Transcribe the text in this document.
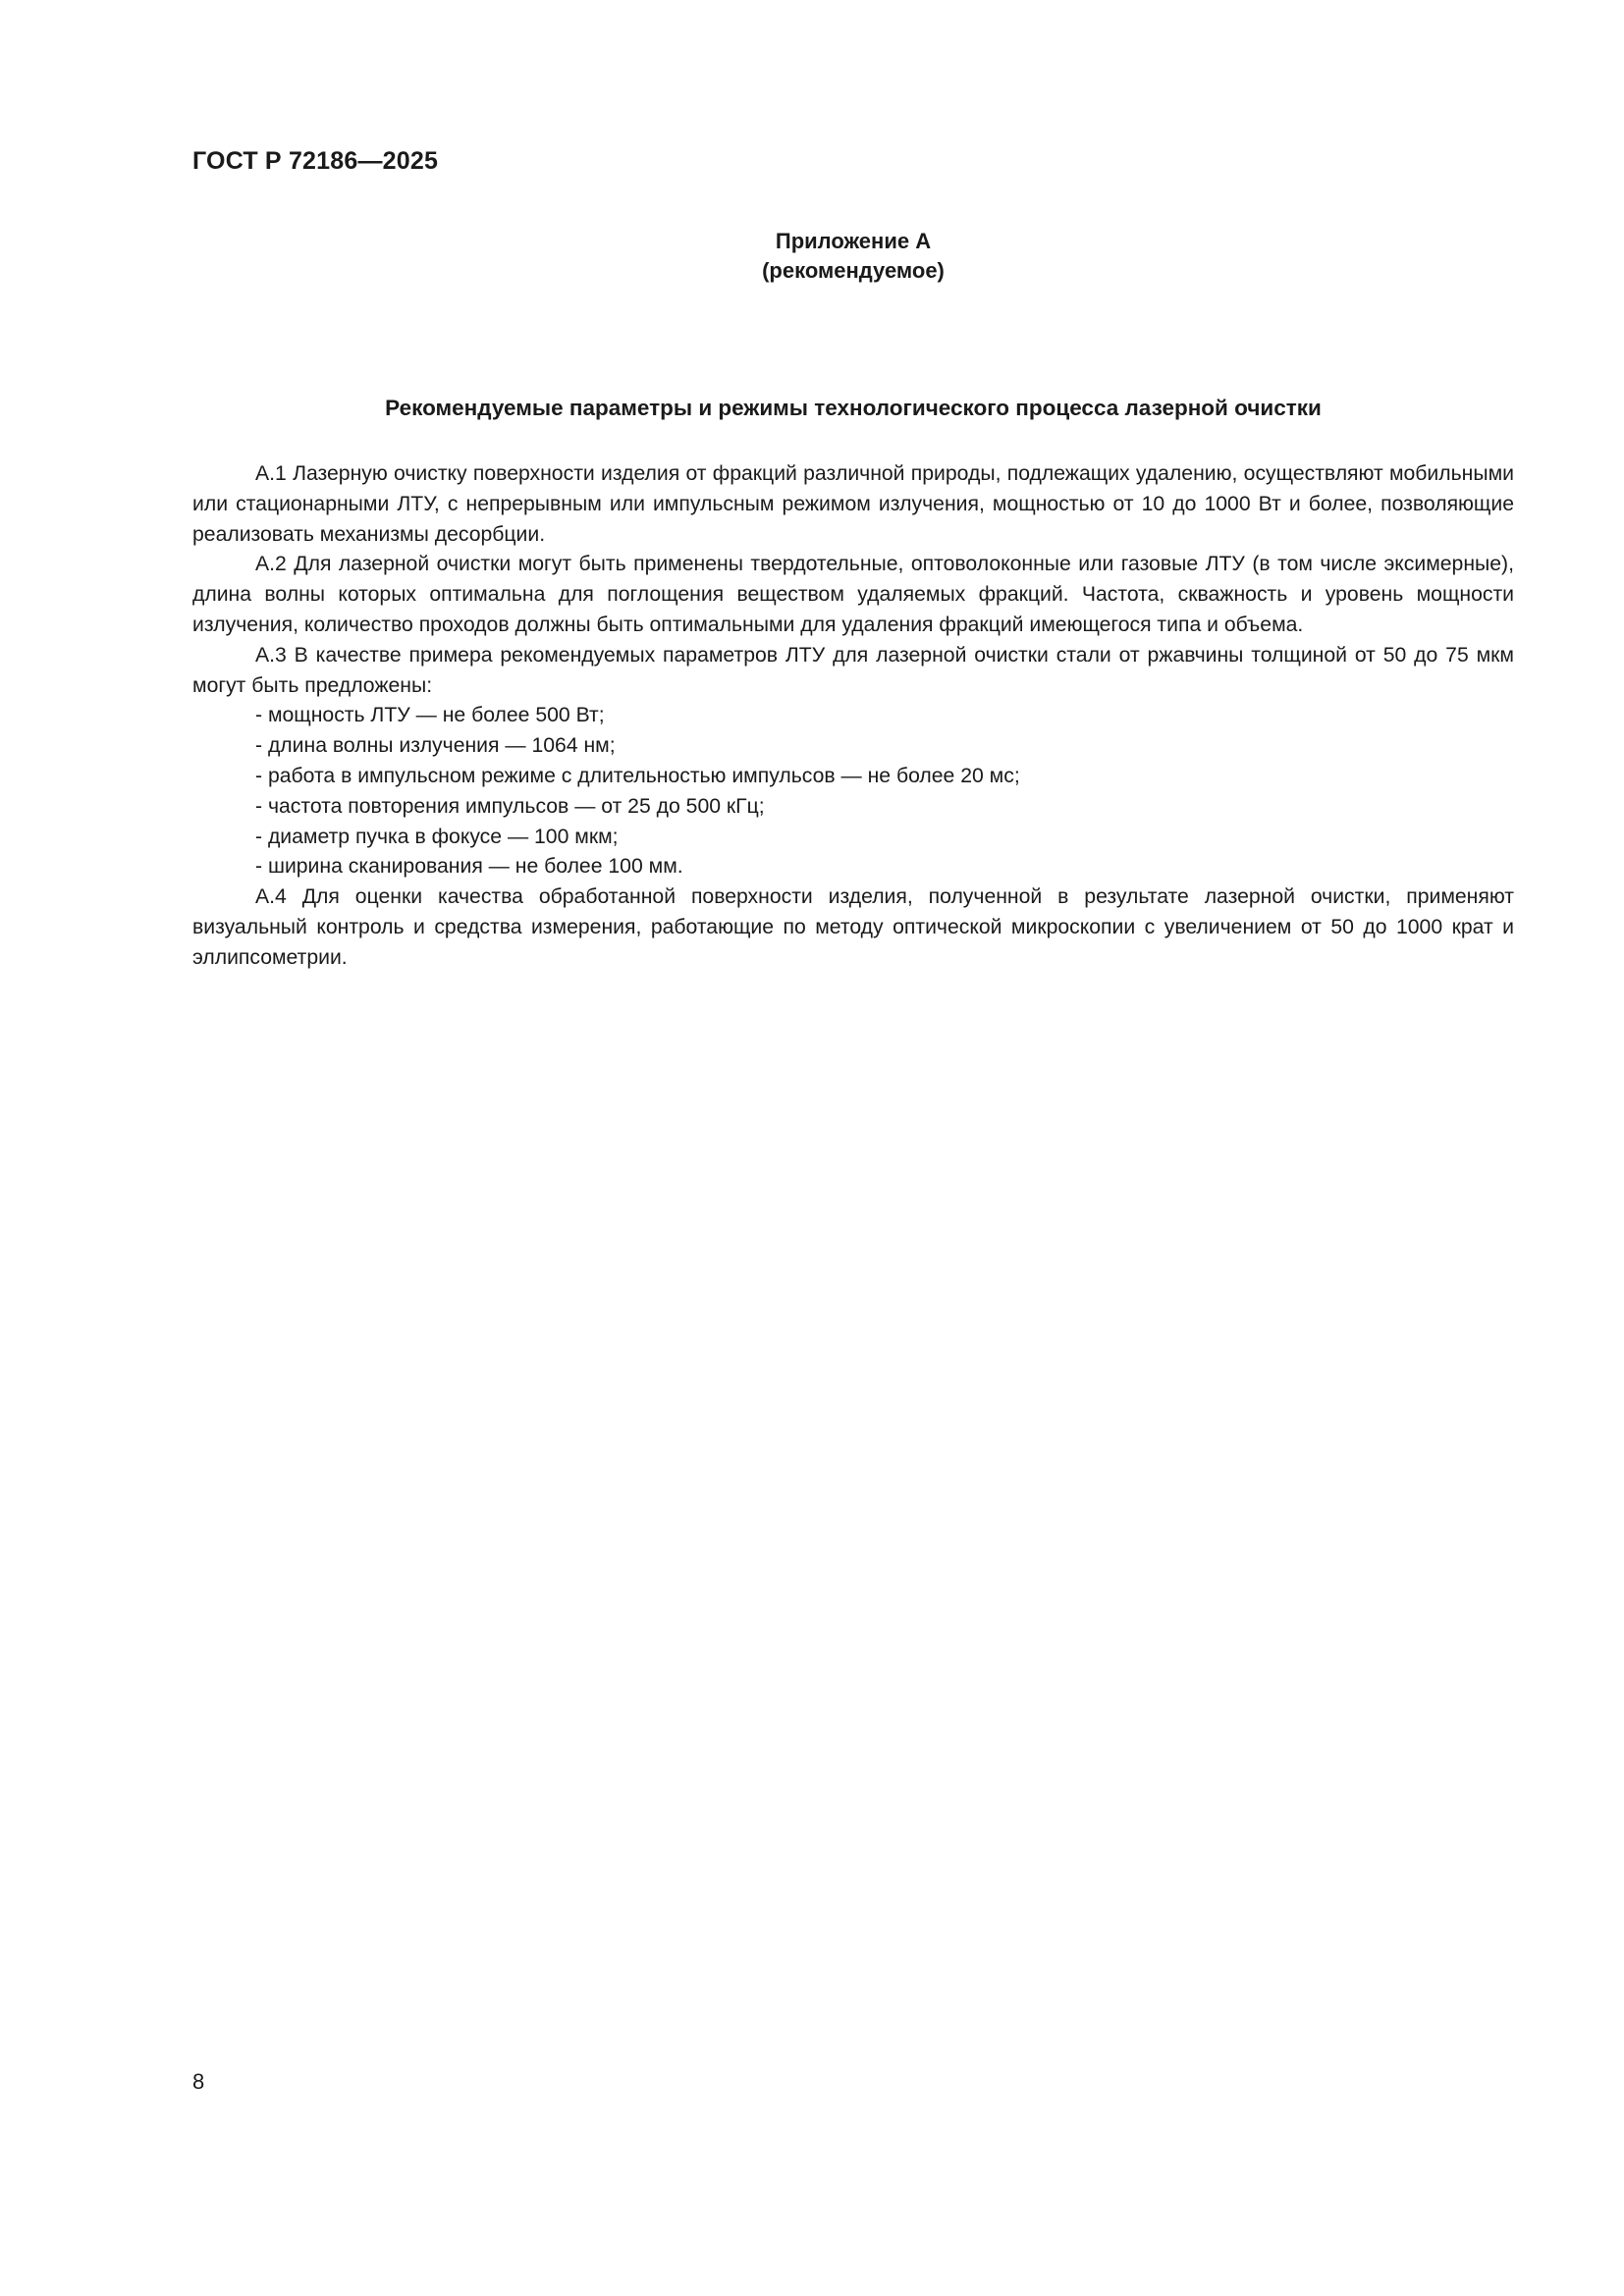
ГОСТ Р 72186—2025
Приложение А
(рекомендуемое)
Рекомендуемые параметры и режимы технологического процесса лазерной очистки

А.1 Лазерную очистку поверхности изделия от фракций различной природы, подлежащих удалению, осуществляют мобильными или стационарными ЛТУ, с непрерывным или импульсным режимом излучения, мощностью от 10 до 1000 Вт и более, позволяющие реализовать механизмы десорбции.

А.2 Для лазерной очистки могут быть применены твердотельные, оптоволоконные или газовые ЛТУ (в том числе эксимерные), длина волны которых оптимальна для поглощения веществом удаляемых фракций. Частота, скважность и уровень мощности излучения, количество проходов должны быть оптимальными для удаления фракций имеющегося типа и объема.

А.3 В качестве примера рекомендуемых параметров ЛТУ для лазерной очистки стали от ржавчины толщиной от 50 до 75 мкм могут быть предложены:

- мощность ЛТУ — не более 500 Вт;
- длина волны излучения — 1064 нм;
- работа в импульсном режиме с длительностью импульсов — не более 20 мс;
- частота повторения импульсов — от 25 до 500 кГц;
- диаметр пучка в фокусе — 100 мкм;
- ширина сканирования — не более 100 мм.

А.4 Для оценки качества обработанной поверхности изделия, полученной в результате лазерной очистки, применяют визуальный контроль и средства измерения, работающие по методу оптической микроскопии с увеличением от 50 до 1000 крат и эллипсометрии.

8
